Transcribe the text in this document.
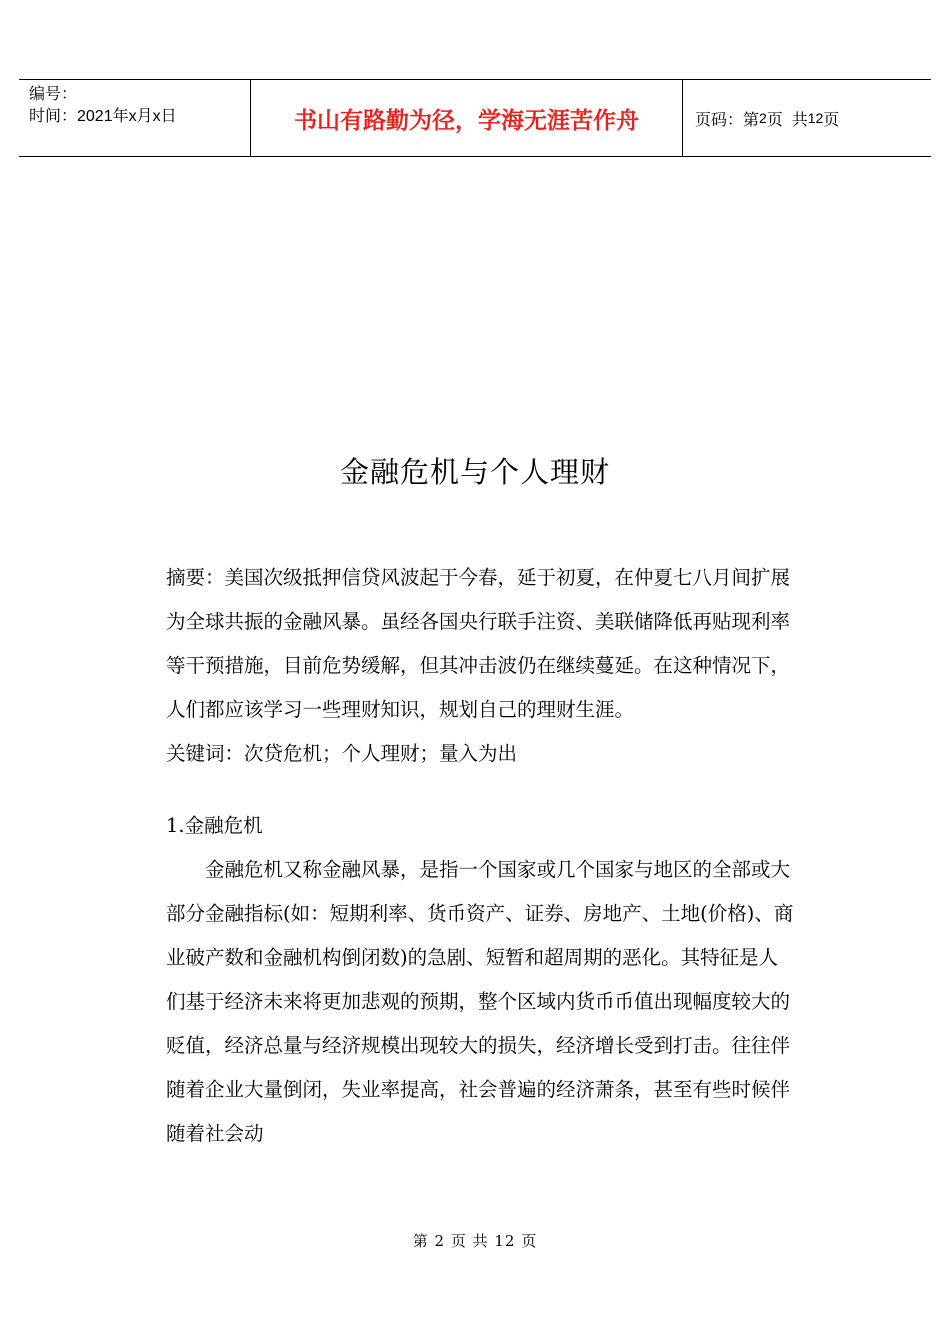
编号：
时间：2021年x月x日	书山有路勤为径，学海无涯苦作舟	页码：第 2 页  共 12 页
金融危机与个人理财

摘要：美国次级抵押信贷风波起于今春，延于初夏，在仲夏七八月间扩展为全球共振的金融风暴。虽经各国央行联手注资、美联储降低再贴现利率等干预措施，目前危势缓解，但其冲击波仍在继续蔓延。在这种情况下，人们都应该学习一些理财知识，规划自己的理财生涯。

关键词：次贷危机；个人理财；量入为出

1.金融危机

金融危机又称金融风暴，是指一个国家或几个国家与地区的全部或大部分金融指标(如：短期利率、货币资产、证券、房地产、土地(价格)、商业破产数和金融机构倒闭数)的急剧、短暂和超周期的恶化。其特征是人们基于经济未来将更加悲观的预期，整个区域内货币币值出现幅度较大的贬值，经济总量与经济规模出现较大的损失，经济增长受到打击。往往伴随着企业大量倒闭，失业率提高，社会普遍的经济萧条，甚至有些时候伴随着社会动

第 2 页 共 12 页
